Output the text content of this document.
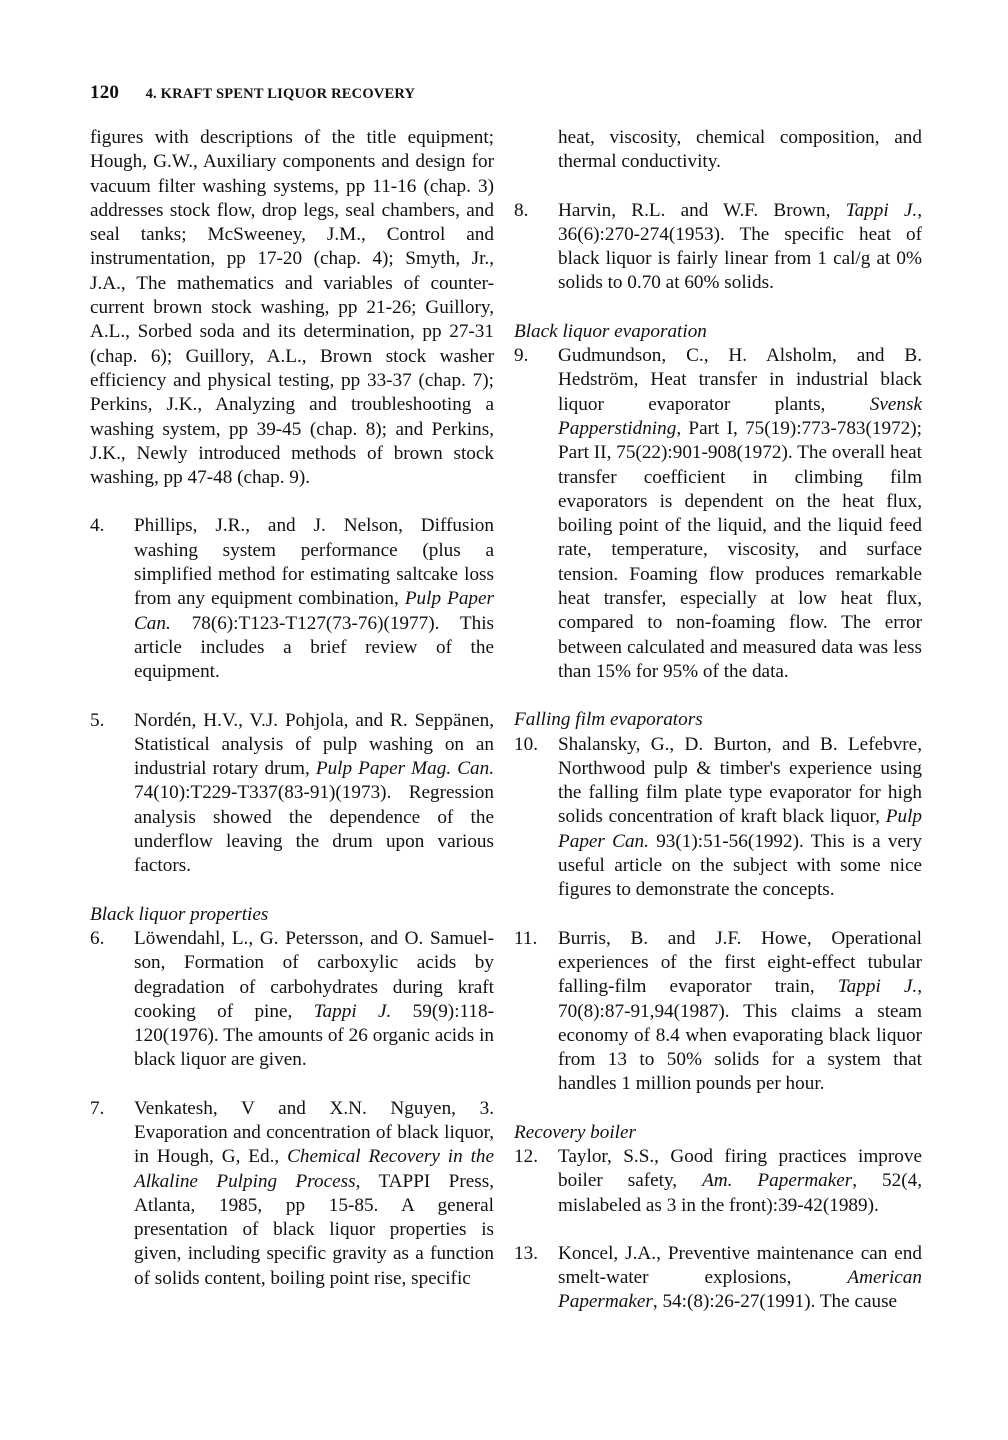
120 4. KRAFT SPENT LIQUOR RECOVERY

figures with descriptions of the title equipment; Hough, G.W., Auxiliary components and design for vacuum filter washing systems, pp 11-16 (chap. 3) addresses stock flow, drop legs, seal chambers, and seal tanks; McSweeney, J.M., Control and instrumentation, pp 17-20 (chap. 4); Smyth, Jr., J.A., The mathematics and variables of counter-current brown stock washing, pp 21-26; Guillory, A.L., Sorbed soda and its determination, pp 27-31 (chap. 6); Guillory, A.L., Brown stock washer efficiency and physical testing, pp 33-37 (chap. 7); Perkins, J.K., Analyzing and troubleshooting a washing system, pp 39-45 (chap. 8); and Perkins, J.K., Newly introduced methods of brown stock washing, pp 47-48 (chap. 9).

4. Phillips, J.R., and J. Nelson, Diffusion washing system performance (plus a simplified method for estimating saltcake loss from any equipment combination, Pulp Paper Can. 78(6):T123-T127(73-76)(1977). This article includes a brief review of the equipment.

5. Nordén, H.V., V.J. Pohjola, and R. Seppänen, Statistical analysis of pulp washing on an industrial rotary drum, Pulp Paper Mag. Can. 74(10):T229-T337(83-91)(1973). Regression analysis showed the dependence of the underflow leaving the drum upon various factors.

Black liquor properties

6. Löwendahl, L., G. Petersson, and O. Samuel-son, Formation of carboxylic acids by degradation of carbohydrates during kraft cooking of pine, Tappi J. 59(9):118-120(1976). The amounts of 26 organic acids in black liquor are given.

7. Venkatesh, V and X.N. Nguyen, 3. Evaporation and concentration of black liquor, in Hough, G, Ed., Chemical Recovery in the Alkaline Pulping Process, TAPPI Press, Atlanta, 1985, pp 15-85. A general presentation of black liquor properties is given, including specific gravity as a function of solids content, boiling point rise, specific

heat, viscosity, chemical composition, and thermal conductivity.

8. Harvin, R.L. and W.F. Brown, Tappi J., 36(6):270-274(1953). The specific heat of black liquor is fairly linear from 1 cal/g at 0% solids to 0.70 at 60% solids.

Black liquor evaporation

9. Gudmundson, C., H. Alsholm, and B. Hedström, Heat transfer in industrial black liquor evaporator plants, Svensk Papperstidning, Part I, 75(19):773-783(1972); Part II, 75(22):901-908(1972). The overall heat transfer coefficient in climbing film evaporators is dependent on the heat flux, boiling point of the liquid, and the liquid feed rate, temperature, viscosity, and surface tension. Foaming flow produces remarkable heat transfer, especially at low heat flux, compared to non-foaming flow. The error between calculated and measured data was less than 15% for 95% of the data.

Falling film evaporators

10. Shalansky, G., D. Burton, and B. Lefebvre, Northwood pulp & timber's experience using the falling film plate type evaporator for high solids concentration of kraft black liquor, Pulp Paper Can. 93(1):51-56(1992). This is a very useful article on the subject with some nice figures to demonstrate the concepts.

11. Burris, B. and J.F. Howe, Operational experiences of the first eight-effect tubular falling-film evaporator train, Tappi J., 70(8):87-91,94(1987). This claims a steam economy of 8.4 when evaporating black liquor from 13 to 50% solids for a system that handles 1 million pounds per hour.

Recovery boiler

12. Taylor, S.S., Good firing practices improve boiler safety, Am. Papermaker, 52(4, mislabeled as 3 in the front):39-42(1989).

13. Koncel, J.A., Preventive maintenance can end smelt-water explosions, American Papermaker, 54:(8):26-27(1991). The cause
